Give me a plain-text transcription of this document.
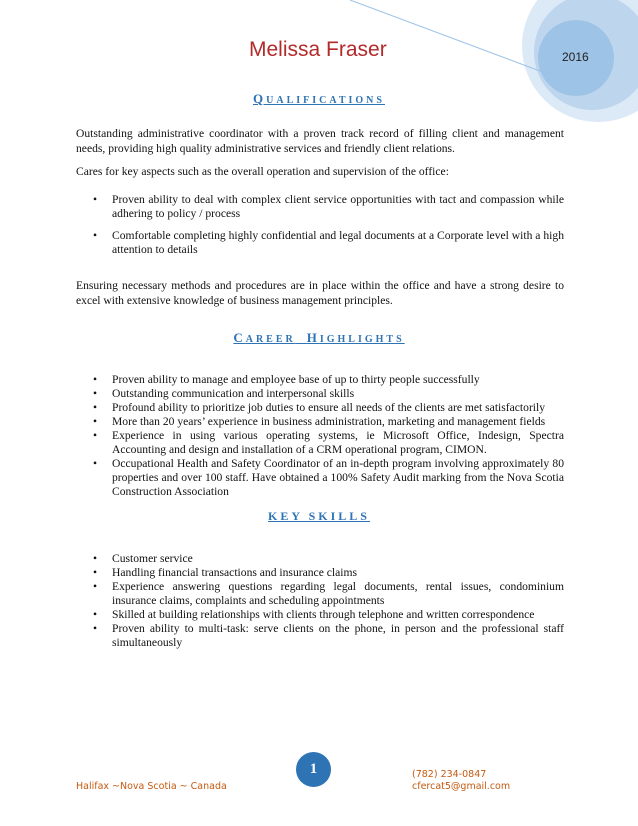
Melissa Fraser	2016
QUALIFICATIONS
Outstanding administrative coordinator with a proven track record of filling client and management needs, providing high quality administrative services and friendly client relations.
Cares for key aspects such as the overall operation and supervision of the office:
• Proven ability to deal with complex client service opportunities with tact and compassion while adhering to policy / process
• Comfortable completing highly confidential and legal documents at a Corporate level with a high attention to details
Ensuring necessary methods and procedures are in place within the office and have a strong desire to excel with extensive knowledge of business management principles.
CAREER HIGHLIGHTS
• Proven ability to manage and employee base of up to thirty people successfully
• Outstanding communication and interpersonal skills
• Profound ability to prioritize job duties to ensure all needs of the clients are met satisfactorily
• More than 20 years’ experience in business administration, marketing and management fields
• Experience in using various operating systems, ie Microsoft Office, Indesign, Spectra Accounting and design and installation of a CRM operational program, CIMON.
• Occupational Health and Safety Coordinator of an in-depth program involving approximately 80 properties and over 100 staff. Have obtained a 100% Safety Audit marking from the Nova Scotia Construction Association
KEY SKILLS
• Customer service
• Handling financial transactions and insurance claims
• Experience answering questions regarding legal documents, rental issues, condominium insurance claims, complaints and scheduling appointments
• Skilled at building relationships with clients through telephone and written correspondence
• Proven ability to multi-task: serve clients on the phone, in person and the professional staff simultaneously
1
Halifax ~Nova Scotia ~ Canada
(782) 234-0847
cfercat5@gmail.com
